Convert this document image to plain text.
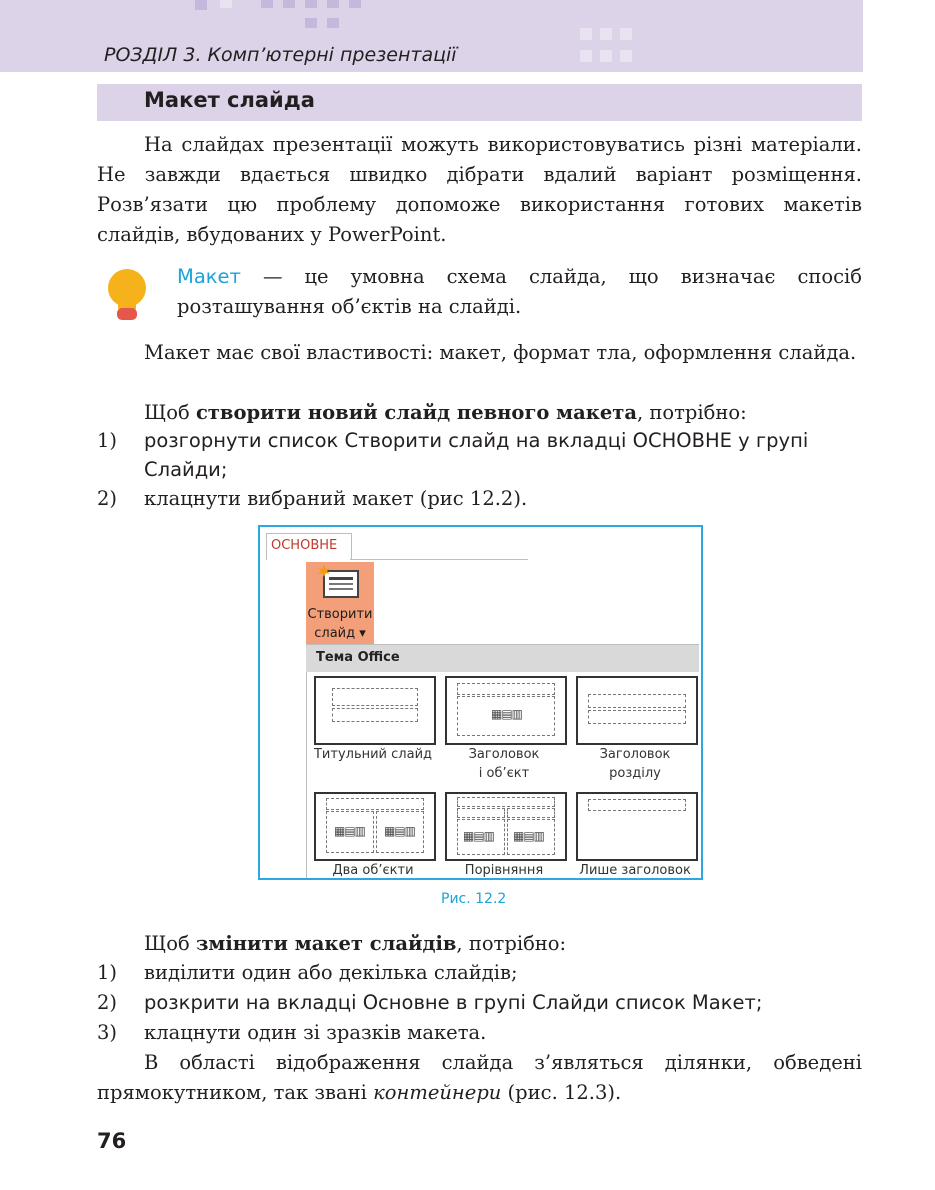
РОЗДІЛ 3. Комп’ютерні презентації
Макет слайда

На слайдах презентації можуть використовуватись різні матеріали. Не завжди вдається швидко дібрати вдалий варіант розміщення. Розв’язати цю проблему допоможе використання готових макетів слайдів, вбудованих у PowerPoint.

Макет — це умовна схема слайда, що визначає спосіб розташування об’єктів на слайді.

Макет має свої властивості: макет, формат тла, оформлення слайда.

Щоб створити новий слайд певного макета, потрібно:

1) розгорнути список Створити слайд на вкладці ОСНОВНЕ у групі Слайди;
2) клацнути вибраний макет (рис 12.2).
ОСНОВНЕ
Створити
слайд ▾
Тема Office
Титульний слайд
▦▤▥
Заголовок
і об’єкт
Заголовок
розділу
▦▤▥ ▦▤▥
Два об’єкти
▦▤▥ ▦▤▥
Порівняння	Лише заголовок
Рис. 12.2

Щоб змінити макет слайдів, потрібно:

1) виділити один або декілька слайдів;
2) розкрити на вкладці Основне в групі Слайди список Макет;
3) клацнути один зі зразків макета.

В області відображення слайда з’являться ділянки, обведені прямокутником, так звані контейнери (рис. 12.3).

76
